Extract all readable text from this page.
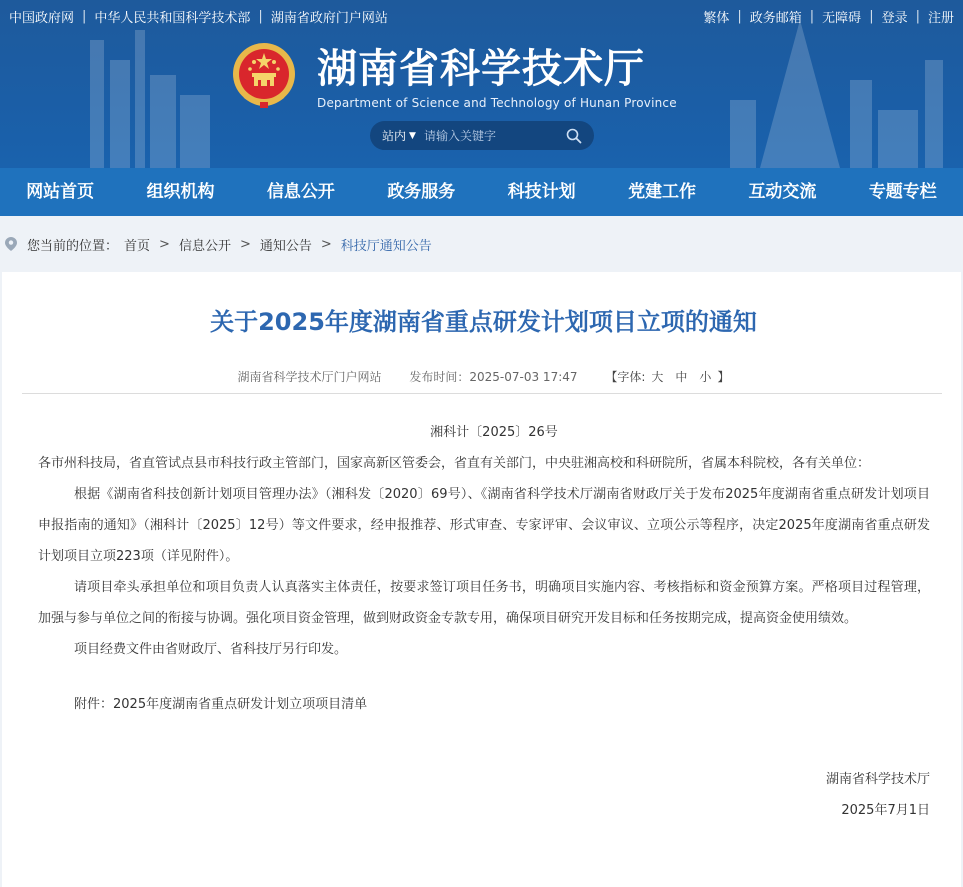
中国政府网 | 中华人民共和国科学技术部 | 湖南省政府门户网站	繁体 | 政务邮箱 | 无障碍 | 登录 | 注册
湖南省科学技术厅
Department of Science and Technology of Hunan Province
站内 ▼
请输入关键字
网站首页	组织机构	信息公开	政务服务	科技计划	党建工作	互动交流	专题专栏
您当前的位置： 首页 > 信息公开 > 通知公告 > 科技厅通知公告
关于2025年度湖南省重点研发计划项目立项的通知
湖南省科学技术厅门户网站 发布时间：2025-07-03 17:47 【字体: 大 中 小 】

湘科计〔2025〕26号

各市州科技局，省直管试点县市科技行政主管部门，国家高新区管委会，省直有关部门，中央驻湘高校和科研院所，省属本科院校，各有关单位：

根据《湖南省科技创新计划项目管理办法》（湘科发〔2020〕69号）、《湖南省科学技术厅湖南省财政厅关于发布2025年度湖南省重点研发计划项目申报指南的通知》（湘科计〔2025〕12号）等文件要求，经申报推荐、形式审查、专家评审、会议审议、立项公示等程序，决定2025年度湖南省重点研发计划项目立项223项（详见附件）。

请项目牵头承担单位和项目负责人认真落实主体责任，按要求签订项目任务书，明确项目实施内容、考核指标和资金预算方案。严格项目过程管理，加强与参与单位之间的衔接与协调。强化项目资金管理，做到财政资金专款专用，确保项目研究开发目标和任务按期完成，提高资金使用绩效。

项目经费文件由省财政厅、省科技厅另行印发。

附件：2025年度湖南省重点研发计划立项项目清单

湖南省科学技术厅

2025年7月1日
